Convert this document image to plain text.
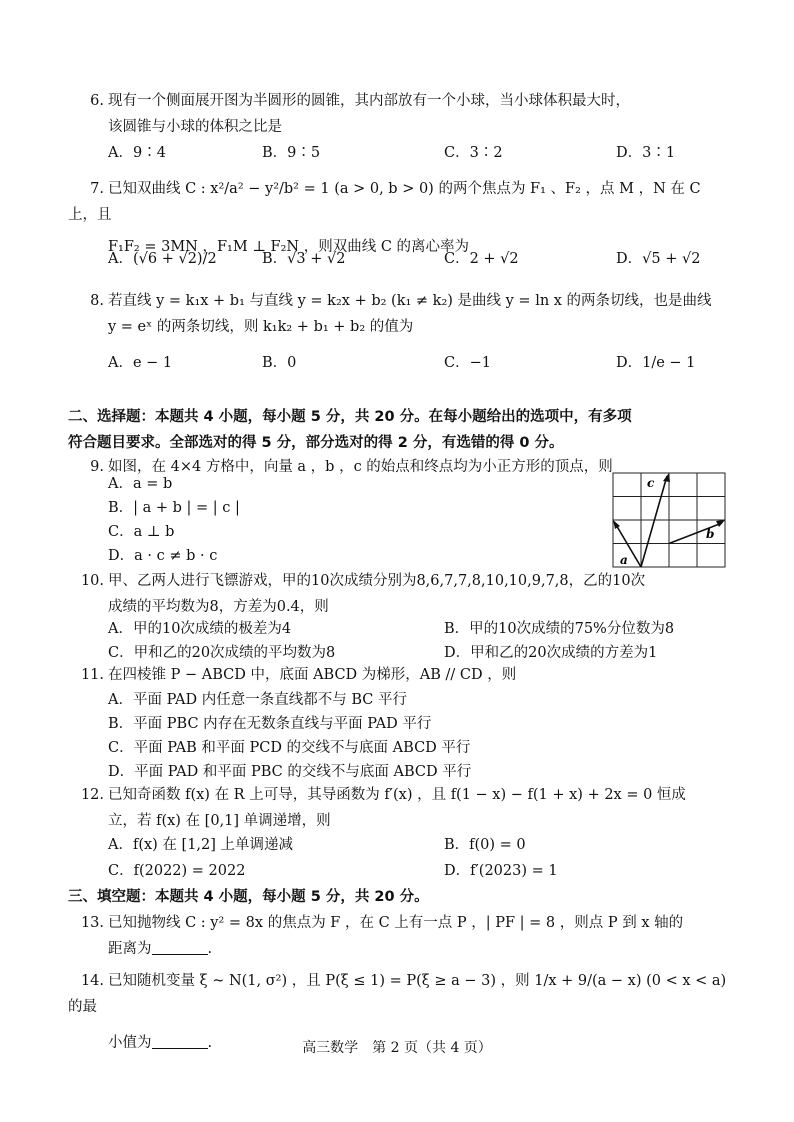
6. 现有一个侧面展开图为半圆形的圆锥，其内部放有一个小球，当小球体积最大时，
该圆锥与小球的体积之比是
A．9∶4	B．9∶5	C．3∶2	D．3∶1
7. 已知双曲线 C : x²/a² − y²/b² = 1 (a > 0, b > 0) 的两个焦点为 F₁ 、F₂ ，点 M ，N 在 C 上，且
F₁F₂ = 3MN ，F₁M ⊥ F₂N ，则双曲线 C 的离心率为
A．(√6 + √2)/2	B．√3 + √2	C．2 + √2	D．√5 + √2
8. 若直线 y = k₁x + b₁ 与直线 y = k₂x + b₂ (k₁ ≠ k₂) 是曲线 y = ln x 的两条切线，也是曲线
y = eˣ 的两条切线，则 k₁k₂ + b₁ + b₂ 的值为
A．e − 1	B．0	C．−1	D．1/e − 1
二、选择题：本题共 4 小题，每小题 5 分，共 20 分。在每小题给出的选项中，有多项
符合题目要求。全部选对的得 5 分，部分选对的得 2 分，有选错的得 0 分。
9. 如图，在 4×4 方格中，向量 a ，b ，c 的始点和终点均为小正方形的顶点，则
A．a = b
B．| a + b | = | c |
C．a ⊥ b
D．a · c ≠ b · c	a
c
b
10. 甲、乙两人进行飞镖游戏，甲的10次成绩分别为8,6,7,7,8,10,10,9,7,8，乙的10次
成绩的平均数为8，方差为0.4，则
A．甲的10次成绩的极差为4	B．甲的10次成绩的75%分位数为8
C．甲和乙的20次成绩的平均数为8	D．甲和乙的20次成绩的方差为1
11. 在四棱锥 P − ABCD 中，底面 ABCD 为梯形，AB // CD ，则
A．平面 PAD 内任意一条直线都不与 BC 平行
B．平面 PBC 内存在无数条直线与平面 PAD 平行
C．平面 PAB 和平面 PCD 的交线不与底面 ABCD 平行
D．平面 PAD 和平面 PBC 的交线不与底面 ABCD 平行
12. 已知奇函数 f(x) 在 R 上可导，其导函数为 f′(x) ，且 f(1 − x) − f(1 + x) + 2x = 0 恒成
立，若 f(x) 在 [0,1] 单调递增，则
A．f(x) 在 [1,2] 上单调递减	B．f(0) = 0
C．f(2022) = 2022	D．f′(2023) = 1
三、填空题：本题共 4 小题，每小题 5 分，共 20 分。
13. 已知抛物线 C : y² = 8x 的焦点为 F ，在 C 上有一点 P ，| PF | = 8 ，则点 P 到 x 轴的
距离为	.
14. 已知随机变量 ξ ~ N(1, σ²) ，且 P(ξ ≤ 1) = P(ξ ≥ a − 3) ，则 1/x + 9/(a − x) (0 < x < a) 的最
小值为	.	高三数学　第 2 页（共 4 页）
